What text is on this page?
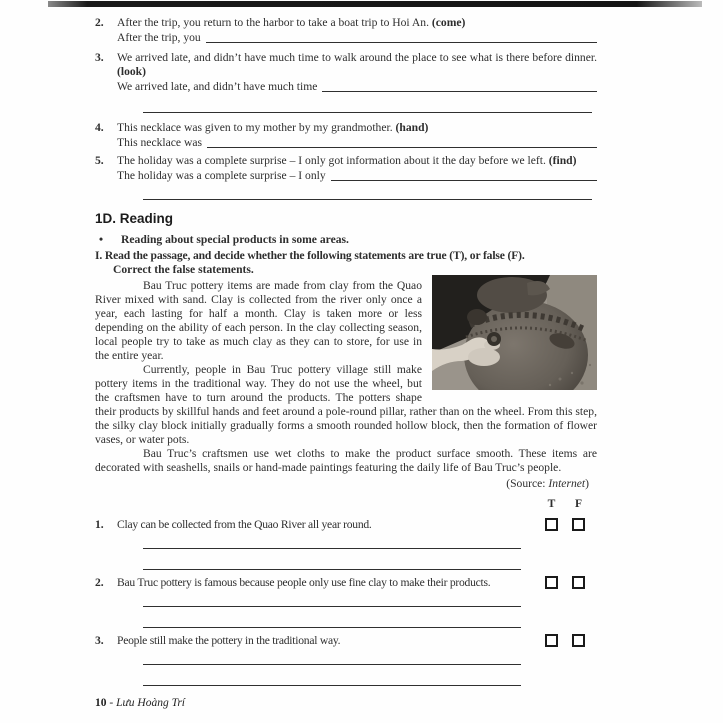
2.	After the trip, you return to the harbor to take a boat trip to Hoi An. (come)
After the trip, you
3.	We arrived late, and didn’t have much time to walk around the place to see what is there before dinner. (look)
We arrived late, and didn’t have much time
4.	This necklace was given to my mother by my grandmother. (hand)
This necklace was
5.	The holiday was a complete surprise – I only got information about it the day before we left. (find)
The holiday was a complete surprise – I only
1D. Reading
•	Reading about special products in some areas.
I. Read the passage, and decide whether the following statements are true (T), or false (F).
Correct the false statements.

Bau Truc pottery items are made from clay from the Quao River mixed with sand. Clay is collected from the river only once a year, each lasting for half a month. Clay is taken more or less depending on the ability of each person. In the clay collecting season, local people try to take as much clay as they can to store, for use in the entire year.

Currently, people in Bau Truc pottery village still make pottery items in the traditional way. They do not use the wheel, but the craftsmen have to turn around the products. The potters shape their products by skillful hands and feet around a pole-round pillar, rather than on the wheel. From this step, the silky clay block initially gradually forms a smooth rounded hollow block, then the formation of flower vases, or water pots.

Bau Truc’s craftsmen use wet cloths to make the product surface smooth. These items are decorated with seashells, snails or hand-made paintings featuring the daily life of Bau Truc’s people.

(Source: Internet)
T F
1.	Clay can be collected from the Quao River all year round.
2.	Bau Truc pottery is famous because people only use fine clay to make their products.
3.	People still make the pottery in the traditional way.
10 - Lưu Hoàng Trí
